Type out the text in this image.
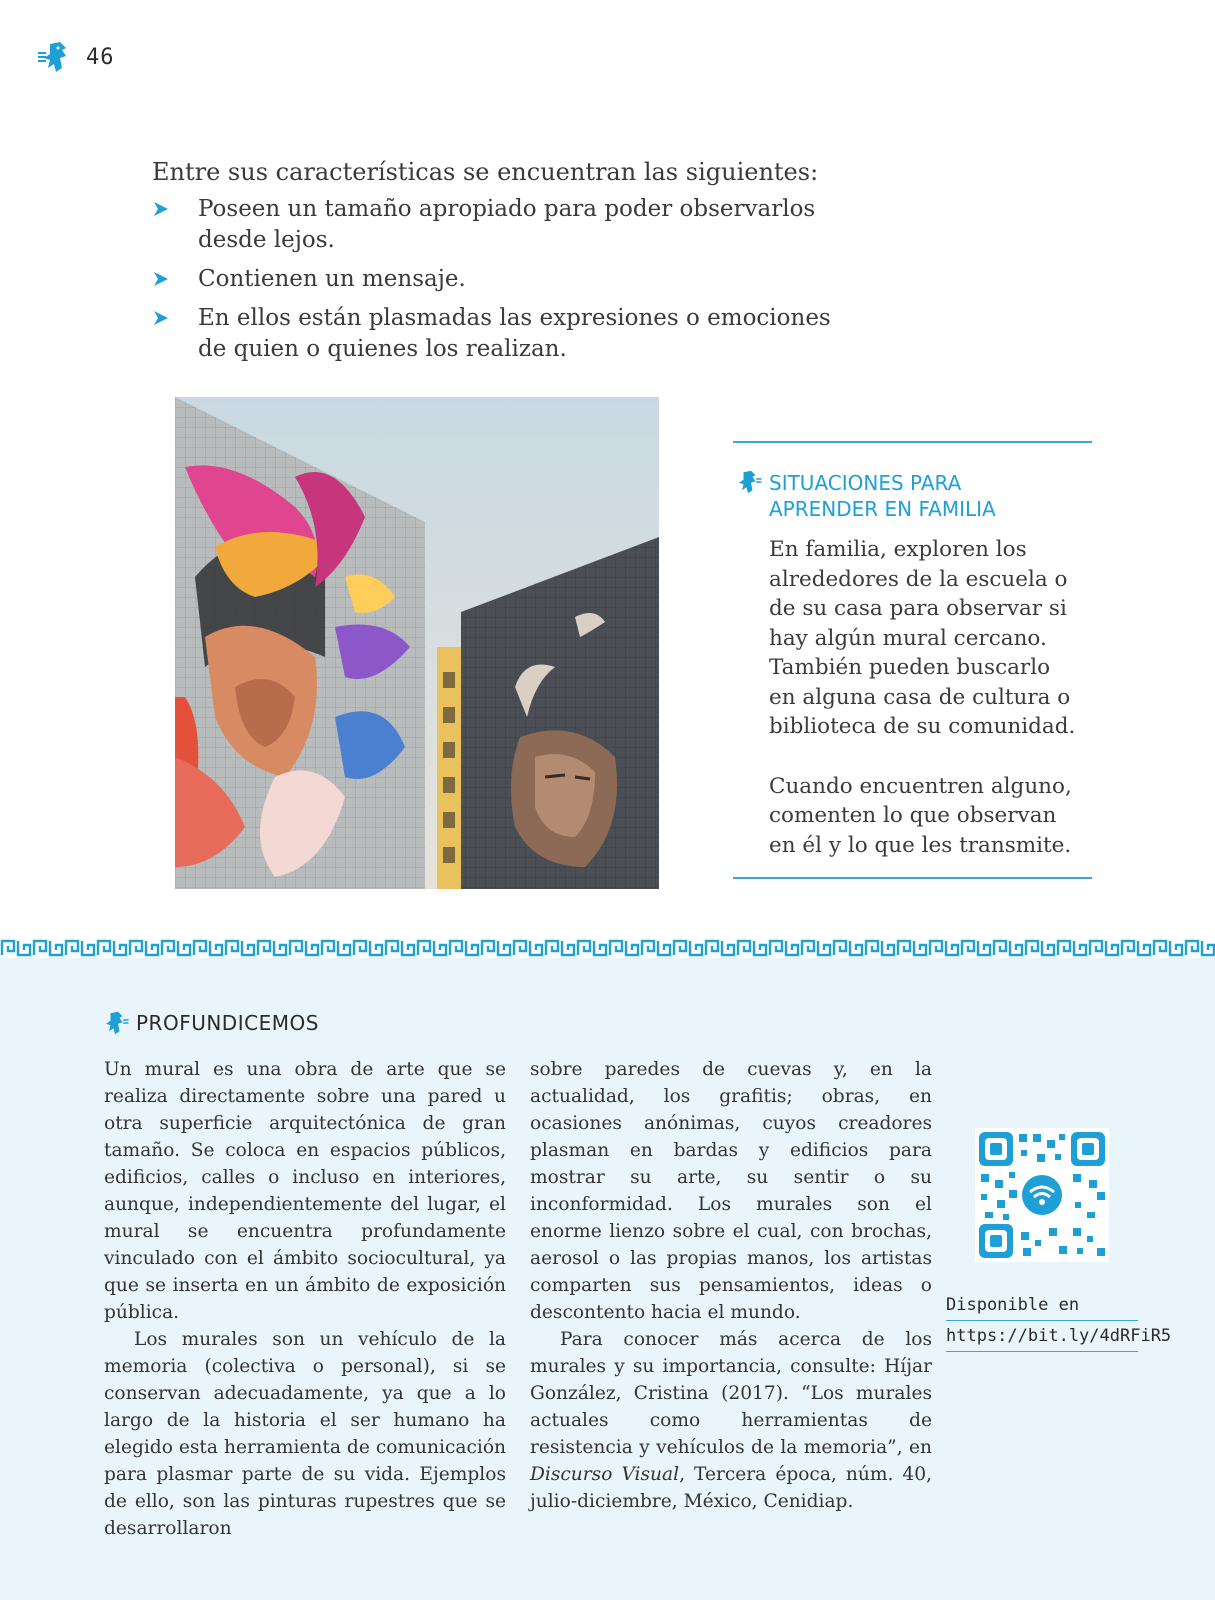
46

Entre sus características se encuentran las siguientes:

Poseen un tamaño apropiado para poder observarlos desde lejos.
Contienen un mensaje.
En ellos están plasmadas las expresiones o emociones de quien o quienes los realizan.
SITUACIONES PARA
APRENDER EN FAMILIA

En familia, exploren los alrededores de la escuela o de su casa para observar si hay algún mural cercano. También pueden buscarlo en alguna casa de cultura o biblioteca de su comunidad.

Cuando encuentren alguno, comenten lo que observan en él y lo que les transmite.

PROFUNDICEMOS

Un mural es una obra de arte que se realiza directamente sobre una pared u otra superficie arquitectónica de gran tamaño. Se coloca en espacios públicos, edificios, calles o incluso en interiores, aunque, independientemente del lugar, el mural se encuentra profundamente vinculado con el ámbito sociocultural, ya que se inserta en un ámbito de exposición pública.

Los murales son un vehículo de la memoria (colectiva o personal), si se conservan adecuadamente, ya que a lo largo de la historia el ser humano ha elegido esta herramienta de comunicación para plasmar parte de su vida. Ejemplos de ello, son las pinturas rupestres que se desarrollaron

sobre paredes de cuevas y, en la actualidad, los grafitis; obras, en ocasiones anónimas, cuyos creadores plasman en bardas y edificios para mostrar su arte, su sentir o su inconformidad. Los murales son el enorme lienzo sobre el cual, con brochas, aerosol o las propias manos, los artistas comparten sus pensamientos, ideas o descontento hacia el mundo.

Para conocer más acerca de los murales y su importancia, consulte: Híjar González, Cristina (2017). “Los murales actuales como herramientas de resistencia y vehículos de la memoria”, en Discurso Visual, Tercera época, núm. 40, julio-diciembre, México, Cenidiap.

Disponible en
https://bit.ly/4dRFiR5
